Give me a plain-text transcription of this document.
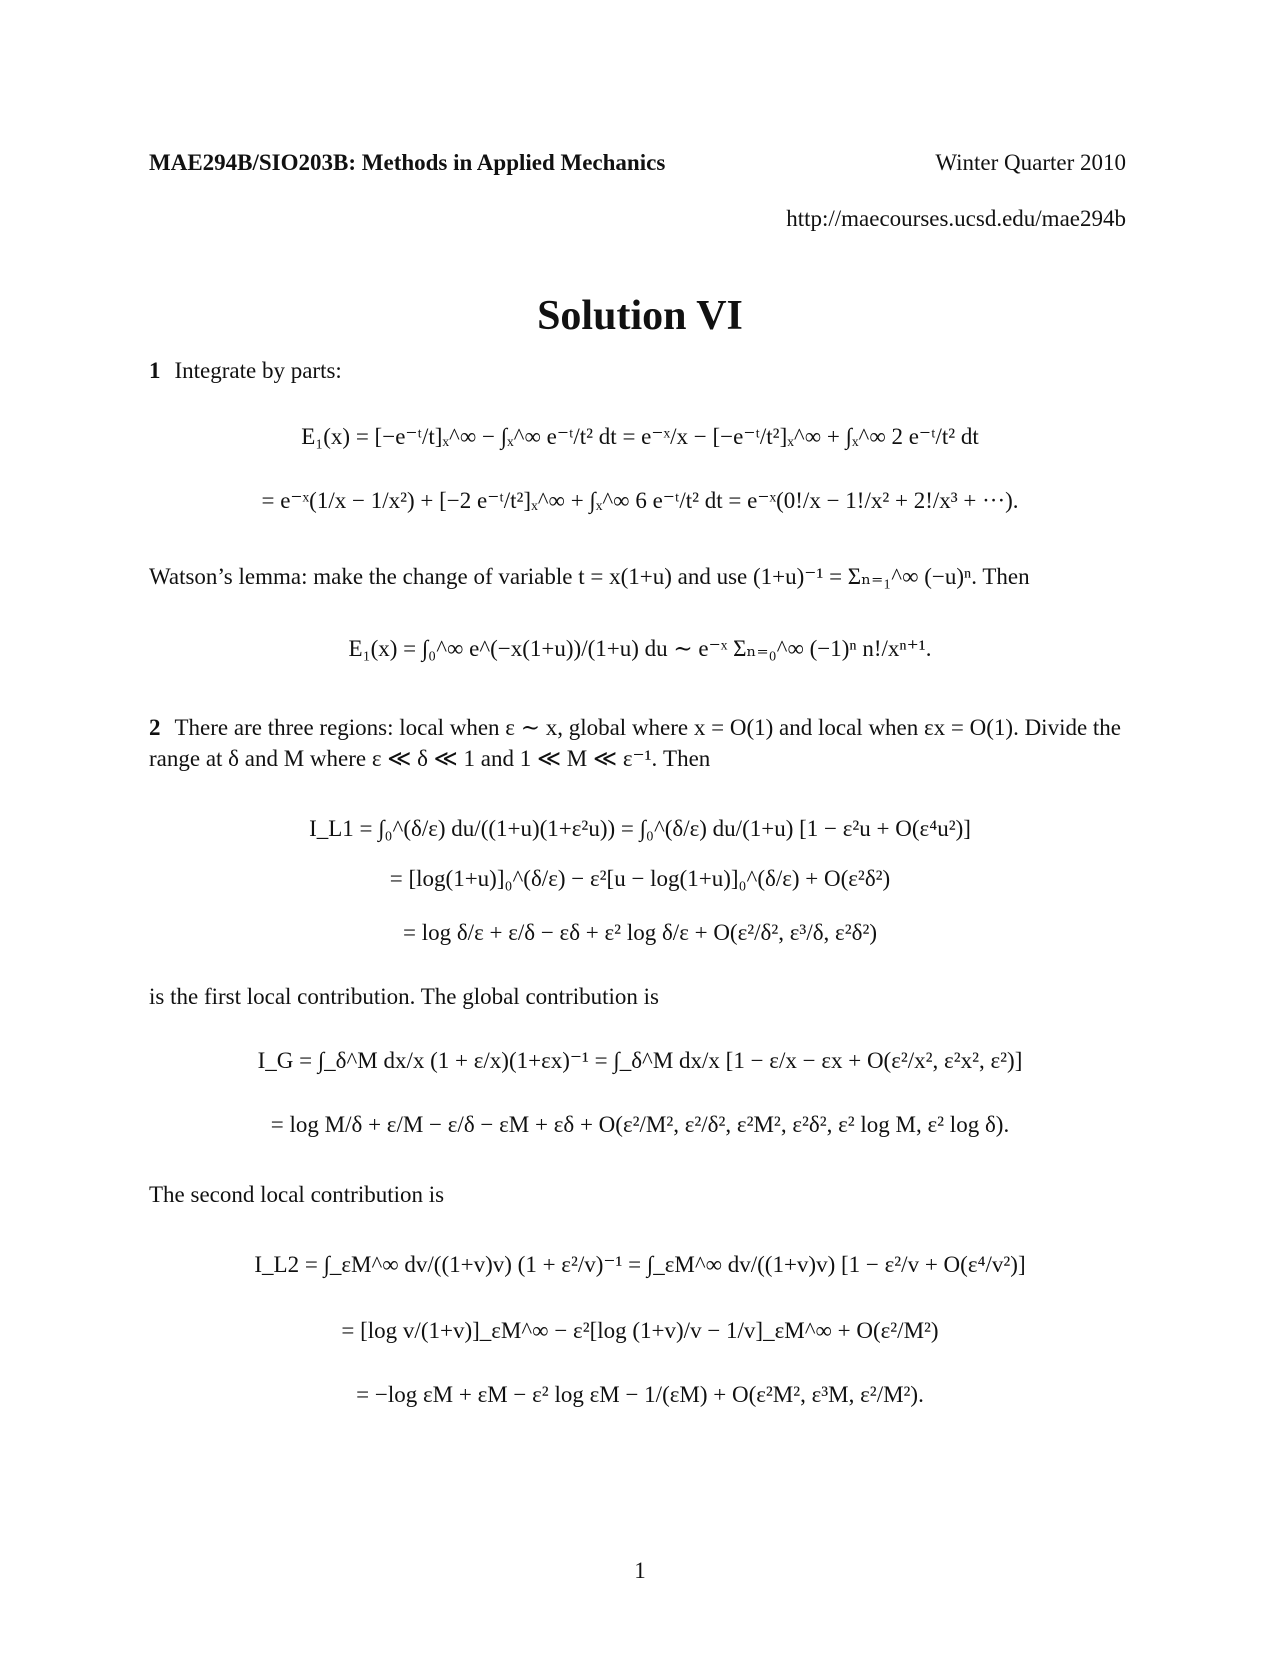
MAE294B/SIO203B: Methods in Applied Mechanics	Winter Quarter 2010
http://maecourses.ucsd.edu/mae294b
Solution VI
1 Integrate by parts:
E₁(x) = [−e⁻ᵗ/t]ₓ^∞ − ∫ₓ^∞ e⁻ᵗ/t² dt = e⁻ˣ/x − [−e⁻ᵗ/t²]ₓ^∞ + ∫ₓ^∞ 2 e⁻ᵗ/t² dt
= e⁻ˣ(1/x − 1/x²) + [−2 e⁻ᵗ/t²]ₓ^∞ + ∫ₓ^∞ 6 e⁻ᵗ/t² dt = e⁻ˣ(0!/x − 1!/x² + 2!/x³ + ···).
Watson’s lemma: make the change of variable t = x(1+u) and use (1+u)⁻¹ = Σₙ₌₁^∞ (−u)ⁿ. Then
E₁(x) = ∫₀^∞ e^(−x(1+u))/(1+u) du ∼ e⁻ˣ Σₙ₌₀^∞ (−1)ⁿ n!/xⁿ⁺¹.
2 There are three regions: local when ε ∼ x, global where x = O(1) and local when εx = O(1). Divide the range at δ and M where ε ≪ δ ≪ 1 and 1 ≪ M ≪ ε⁻¹. Then
I_L1 = ∫₀^(δ/ε) du/((1+u)(1+ε²u)) = ∫₀^(δ/ε) du/(1+u) [1 − ε²u + O(ε⁴u²)]
= [log(1+u)]₀^(δ/ε) − ε²[u − log(1+u)]₀^(δ/ε) + O(ε²δ²)
= log δ/ε + ε/δ − εδ + ε² log δ/ε + O(ε²/δ², ε³/δ, ε²δ²)
is the first local contribution. The global contribution is
I_G = ∫_δ^M dx/x (1 + ε/x)(1+εx)⁻¹ = ∫_δ^M dx/x [1 − ε/x − εx + O(ε²/x², ε²x², ε²)]
= log M/δ + ε/M − ε/δ − εM + εδ + O(ε²/M², ε²/δ², ε²M², ε²δ², ε² log M, ε² log δ).
The second local contribution is
I_L2 = ∫_εM^∞ dv/((1+v)v) (1 + ε²/v)⁻¹ = ∫_εM^∞ dv/((1+v)v) [1 − ε²/v + O(ε⁴/v²)]
= [log v/(1+v)]_εM^∞ − ε²[log (1+v)/v − 1/v]_εM^∞ + O(ε²/M²)
= −log εM + εM − ε² log εM − 1/(εM) + O(ε²M², ε³M, ε²/M²).
1
